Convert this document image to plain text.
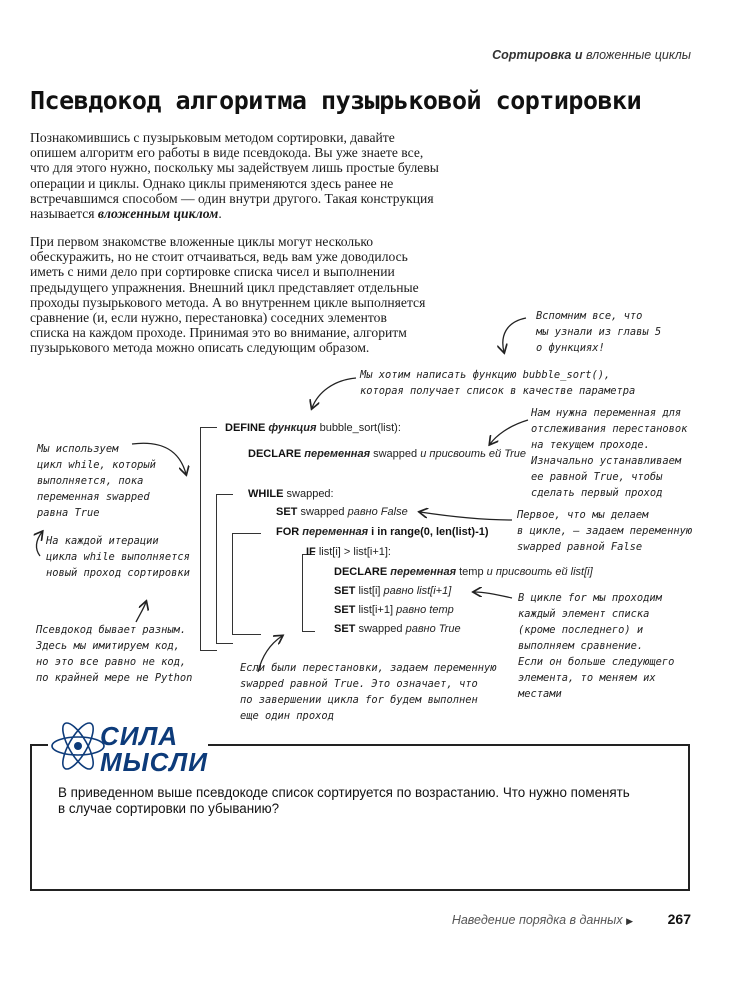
Сортировка и вложенные циклы
Псевдокод алгоритма пузырьковой сортировки
Познакомившись с пузырьковым методом сортировки, давайте
опишем алгоритм его работы в виде псевдокода. Вы уже знаете все,
что для этого нужно, поскольку мы задействуем лишь простые булевы
операции и циклы. Однако циклы применяются здесь ранее не
встречавшимся способом — один внутри другого. Такая конструкция
называется вложенным циклом.
При первом знакомстве вложенные циклы могут несколько
обескуражить, но не стоит отчаиваться, ведь вам уже доводилось
иметь с ними дело при сортировке списка чисел и выполнении
предыдущего упражнения. Внешний цикл представляет отдельные
проходы пузырькового метода. А во внутреннем цикле выполняется
сравнение (и, если нужно, перестановка) соседних элементов
списка на каждом проходе. Принимая это во внимание, алгоритм
пузырькового метода можно описать следующим образом.
DEFINE функция bubble_sort(list):
DECLARE переменная swapped и присвоить ей True
WHILE swapped:
SET swapped равно False
FOR переменная i in range(0, len(list)-1)
IF list[i] > list[i+1]:
DECLARE переменная temp и присвоить ей list[i]
SET list[i] равно list[i+1]
SET list[i+1] равно temp
SET swapped равно True
Вспомним все, что
мы узнали из главы 5
о функциях!
Мы хотим написать функцию bubble_sort(),
которая получает список в качестве параметра
Нам нужна переменная для
отслеживания перестановок
на текущем проходе.
Изначально устанавливаем
ее равной True, чтобы
сделать первый проход
Первое, что мы делаем
в цикле, — задаем переменную
swapped равной False
В цикле for мы проходим
каждый элемент списка
(кроме последнего) и
выполняем сравнение.
Если он больше следующего
элемента, то меняем их
местами
Мы используем
цикл while, который
выполняется, пока
переменная swapped
равна True
На каждой итерации
цикла while выполняется
новый проход сортировки
Псевдокод бывает разным.
Здесь мы имитируем код,
но это все равно не код,
по крайней мере не Python
Если были перестановки, задаем переменную
swapped равной True. Это означает, что
по завершении цикла for будем выполнен
еще один проход
СИЛА
МЫСЛИ
В приведенном выше псевдокоде список сортируется по возрастанию. Что нужно поменять
в случае сортировки по убыванию?
Наведение порядка в данных ▶ 267
